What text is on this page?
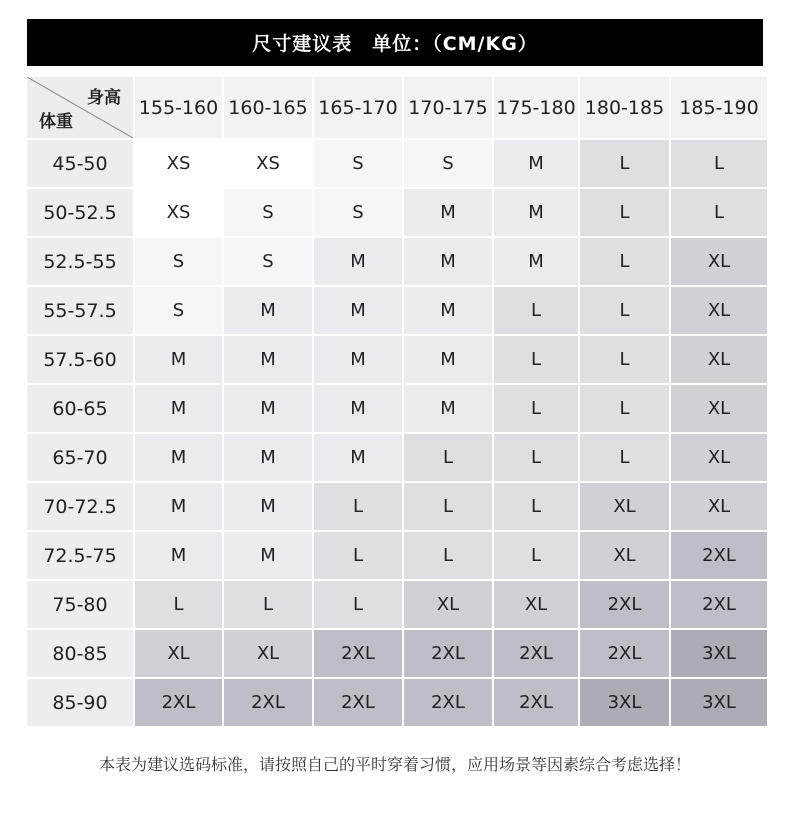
尺寸建议表 单位：（CM/KG）
身高
体重
155-160 160-165 165-170 170-175 175-180 180-185 185-190
45-50	XS	XS	S	S	M	L	L
50-52.5	XS	S	S	M	M	L	L
52.5-55	S	S	M	M	M	L	XL
55-57.5	S	M	M	M	L	L	XL
57.5-60	M	M	M	M	L	L	XL
60-65	M	M	M	M	L	L	XL
65-70	M	M	M	L	L	L	XL
70-72.5	M	M	L	L	L	XL	XL
72.5-75	M	M	L	L	L	XL	2XL
75-80	L	L	L	XL	XL	2XL	2XL
80-85	XL	XL	2XL	2XL	2XL	2XL	3XL
85-90	2XL	2XL	2XL	2XL	2XL	3XL	3XL
本表为建议选码标准，请按照自己的平时穿着习惯，应用场景等因素综合考虑选择！
